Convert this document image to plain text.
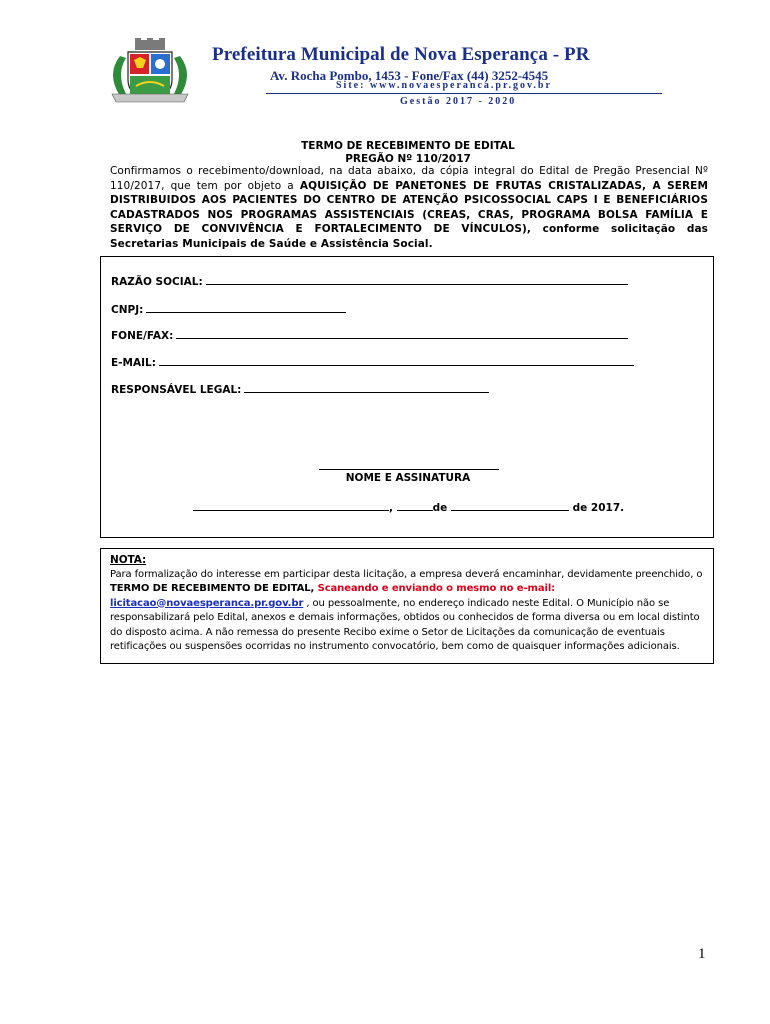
Prefeitura Municipal de Nova Esperança - PR
Av. Rocha Pombo, 1453 - Fone/Fax (44) 3252-4545
Site: www.novaesperanca.pr.gov.br
Gestão 2017 - 2020
TERMO DE RECEBIMENTO DE EDITAL
PREGÃO Nº 110/2017
Confirmamos o recebimento/download, na data abaixo, da cópia integral do Edital de Pregão Presencial Nº 110/2017, que tem por objeto a AQUISIÇÃO DE PANETONES DE FRUTAS CRISTALIZADAS, A SEREM DISTRIBUIDOS AOS PACIENTES DO CENTRO DE ATENÇÃO PSICOSSOCIAL CAPS I E BENEFICIÁRIOS CADASTRADOS NOS PROGRAMAS ASSISTENCIAIS (CREAS, CRAS, PROGRAMA BOLSA FAMÍLIA E SERVIÇO DE CONVIVÊNCIA E FORTALECIMENTO DE VÍNCULOS), conforme solicitação das Secretarias Municipais de Saúde e Assistência Social.
RAZÃO SOCIAL:
CNPJ:
FONE/FAX:
E-MAIL:
RESPONSÁVEL LEGAL:
NOME E ASSINATURA
,	de	de 2017.
NOTA:
Para formalização do interesse em participar desta licitação, a empresa deverá encaminhar, devidamente preenchido, o TERMO DE RECEBIMENTO DE EDITAL, Scaneando e enviando o mesmo no e-mail:
licitacao@novaesperanca.pr.gov.br , ou pessoalmente, no endereço indicado neste Edital. O Município não se responsabilizará pelo Edital, anexos e demais informações, obtidos ou conhecidos de forma diversa ou em local distinto do disposto acima. A não remessa do presente Recibo exime o Setor de Licitações da comunicação de eventuais retificações ou suspensões ocorridas no instrumento convocatório, bem como de quaisquer informações adicionais.
1
